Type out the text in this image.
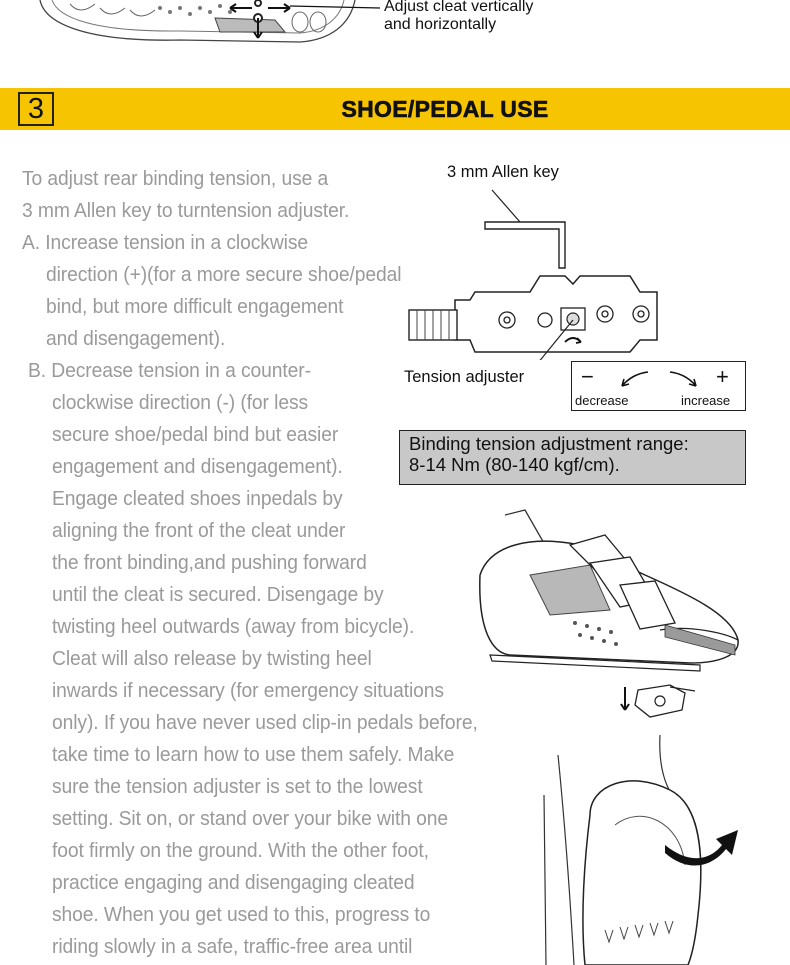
Adjust cleat vertically
and horizontally
3	SHOE/PEDAL USE
To adjust rear binding tension, use a
3 mm Allen key to turntension adjuster.
A. Increase tension in a clockwise
direction (+)(for a more secure shoe/pedal
bind, but more difficult engagement
and disengagement).
B. Decrease tension in a counter-
clockwise direction (-) (for less
secure shoe/pedal bind but easier
engagement and disengagement).
Engage cleated shoes inpedals by
aligning the front of the cleat under
the front binding,and pushing forward
until the cleat is secured. Disengage by
twisting heel outwards (away from bicycle).
Cleat will also release by twisting heel
inwards if necessary (for emergency situations
only). If you have never used clip-in pedals before,
take time to learn how to use them safely. Make
sure the tension adjuster is set to the lowest
setting. Sit on, or stand over your bike with one
foot firmly on the ground. With the other foot,
practice engaging and disengaging cleated
shoe. When you get used to this, progress to
riding slowly in a safe, traffic-free area until
3 mm Allen key
Tension adjuster	−	+
decrease	increase
Binding tension adjustment range:
8-14 Nm (80-140 kgf/cm).
